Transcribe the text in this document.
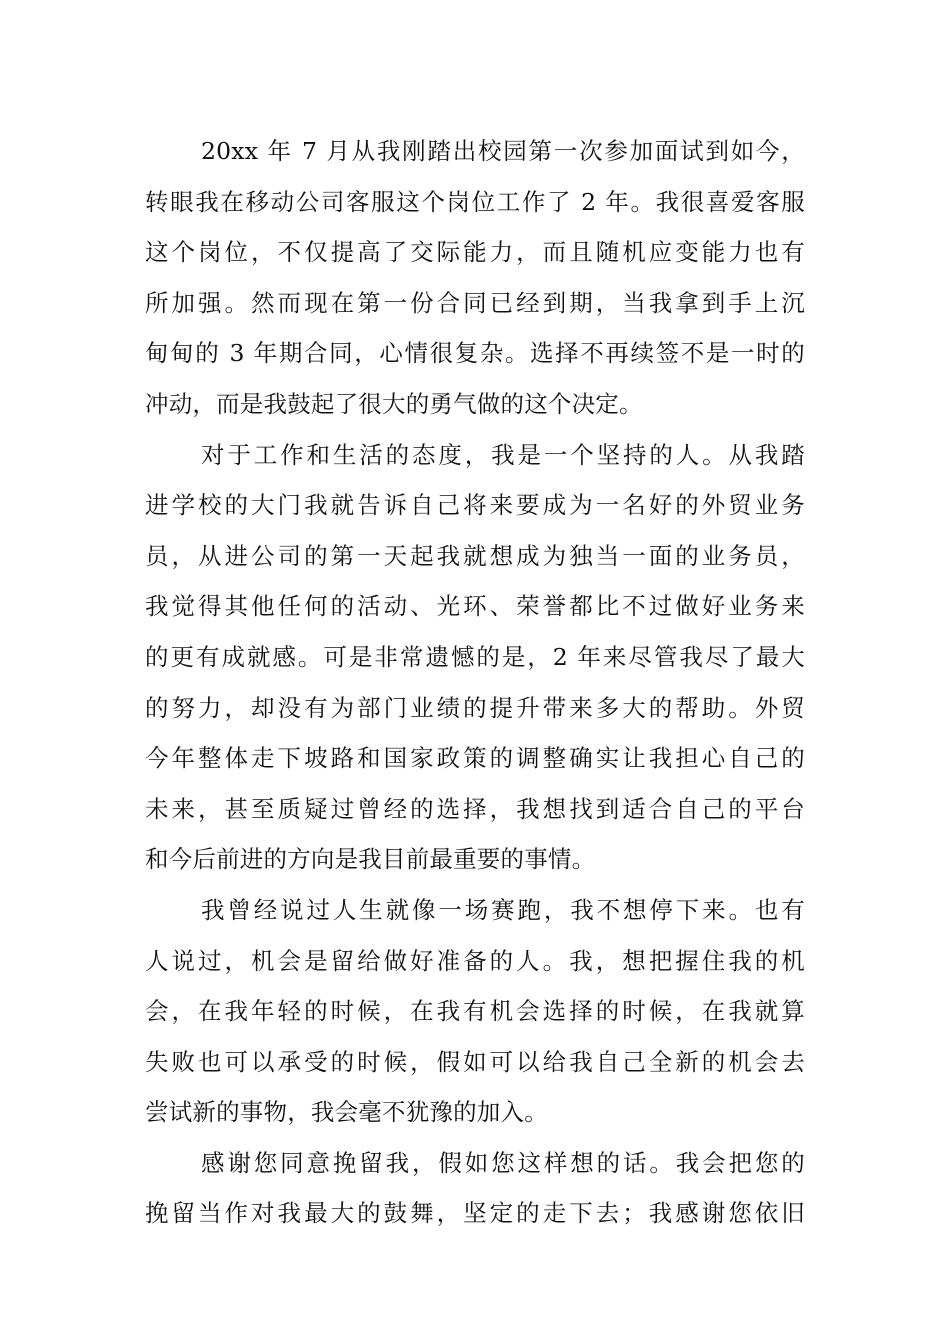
20xx 年 7 月从我刚踏出校园第一次参加面试到如今，
转眼我在移动公司客服这个岗位工作了 2 年。我很喜爱客服
这个岗位，不仅提高了交际能力，而且随机应变能力也有
所加强。然而现在第一份合同已经到期，当我拿到手上沉
甸甸的 3 年期合同，心情很复杂。选择不再续签不是一时的
冲动，而是我鼓起了很大的勇气做的这个决定。
对于工作和生活的态度，我是一个坚持的人。从我踏
进学校的大门我就告诉自己将来要成为一名好的外贸业务
员，从进公司的第一天起我就想成为独当一面的业务员，
我觉得其他任何的活动、光环、荣誉都比不过做好业务来
的更有成就感。可是非常遗憾的是，2 年来尽管我尽了最大
的努力，却没有为部门业绩的提升带来多大的帮助。外贸
今年整体走下坡路和国家政策的调整确实让我担心自己的
未来，甚至质疑过曾经的选择，我想找到适合自己的平台
和今后前进的方向是我目前最重要的事情。
我曾经说过人生就像一场赛跑，我不想停下来。也有
人说过，机会是留给做好准备的人。我，想把握住我的机
会，在我年轻的时候，在我有机会选择的时候，在我就算
失败也可以承受的时候，假如可以给我自己全新的机会去
尝试新的事物，我会毫不犹豫的加入。
感谢您同意挽留我，假如您这样想的话。我会把您的
挽留当作对我最大的鼓舞，坚定的走下去；我感谢您依旧
